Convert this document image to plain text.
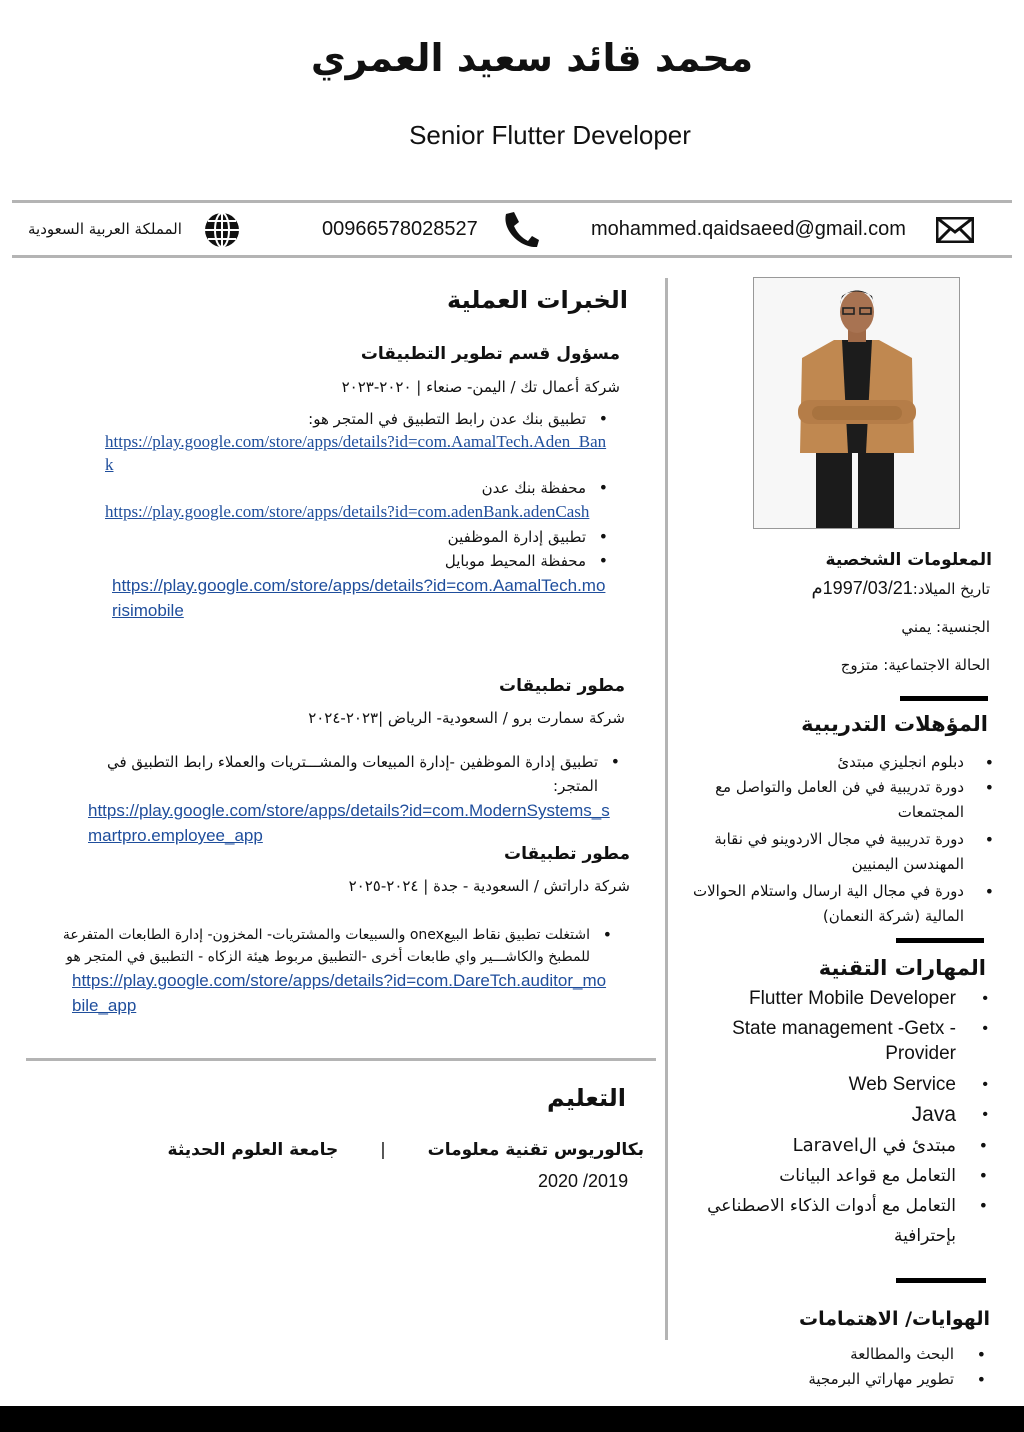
محمد قائد سعيد العمري
Senior Flutter Developer
المملكة العربية السعودية	00966578028527	mohammed.qaidsaeed@gmail.com
الخبرات العملية
مسؤول قسم تطوير التطبيقات
شركة أعمال تك / اليمن- صنعاء | ٢٠٢٠-٢٠٢٣
• تطبيق بنك عدن رابط التطبيق في المتجر هو:
https://play.google.com/store/apps/details?id=com.AamalTech.Aden_Bank
• محفظة بنك عدن
https://play.google.com/store/apps/details?id=com.adenBank.adenCash
• تطبيق إدارة الموظفين
• محفظة المحيط موبايل
https://play.google.com/store/apps/details?id=com.AamalTech.morisimobile
مطور تطبيقات
شركة سمارت برو / السعودية- الرياض |٢٠٢٣-٢٠٢٤
• تطبيق إدارة الموظفين -إدارة المبيعات والمشـــتريات والعملاء رابط التطبيق في المتجر:
https://play.google.com/store/apps/details?id=com.ModernSystems_smartpro.employee_app
مطور تطبيقات
شركة داراتش / السعودية - جدة | ٢٠٢٤-٢٠٢٥
• اشتغلت تطبيق نقاط البيعonex والسبيعات والمشتريات- المخزون- إدارة الطابعات المتفرعة للمطبخ والكاشـــير واي طابعات أخرى -التطبيق مربوط هيئة الزكاه - التطبيق في المتجر هو
https://play.google.com/store/apps/details?id=com.DareTch.auditor_mobile_app
التعليم
بكالوريوس تقنية معلومات  |  جامعة العلوم الحديثة
2020 /2019
المعلومات الشخصية
تاريخ الميلاد:1997/03/21م
الجنسية: يمني
الحالة الاجتماعية: متزوج
المؤهلات التدريبية
• دبلوم انجليزي مبتدئ
• دورة تدريبية في فن العامل والتواصل مع المجتمعات
• دورة تدريبية في مجال الاردوينو في نقابة المهندسن اليمنيين
• دورة في مجال الية ارسال واستلام الحوالات المالية (شركة النعمان)
المهارات التقنية
• Flutter Mobile Developer
• State management -Getx - Provider
• Web Service
• Java
• مبتدئ في الLaravel
• التعامل مع قواعد البيانات
• التعامل مع أدوات الذكاء الاصطناعي بإحترافية
الهوايات/ الاهتمامات
• البحث والمطالعة
• تطوير مهاراتي البرمجية
